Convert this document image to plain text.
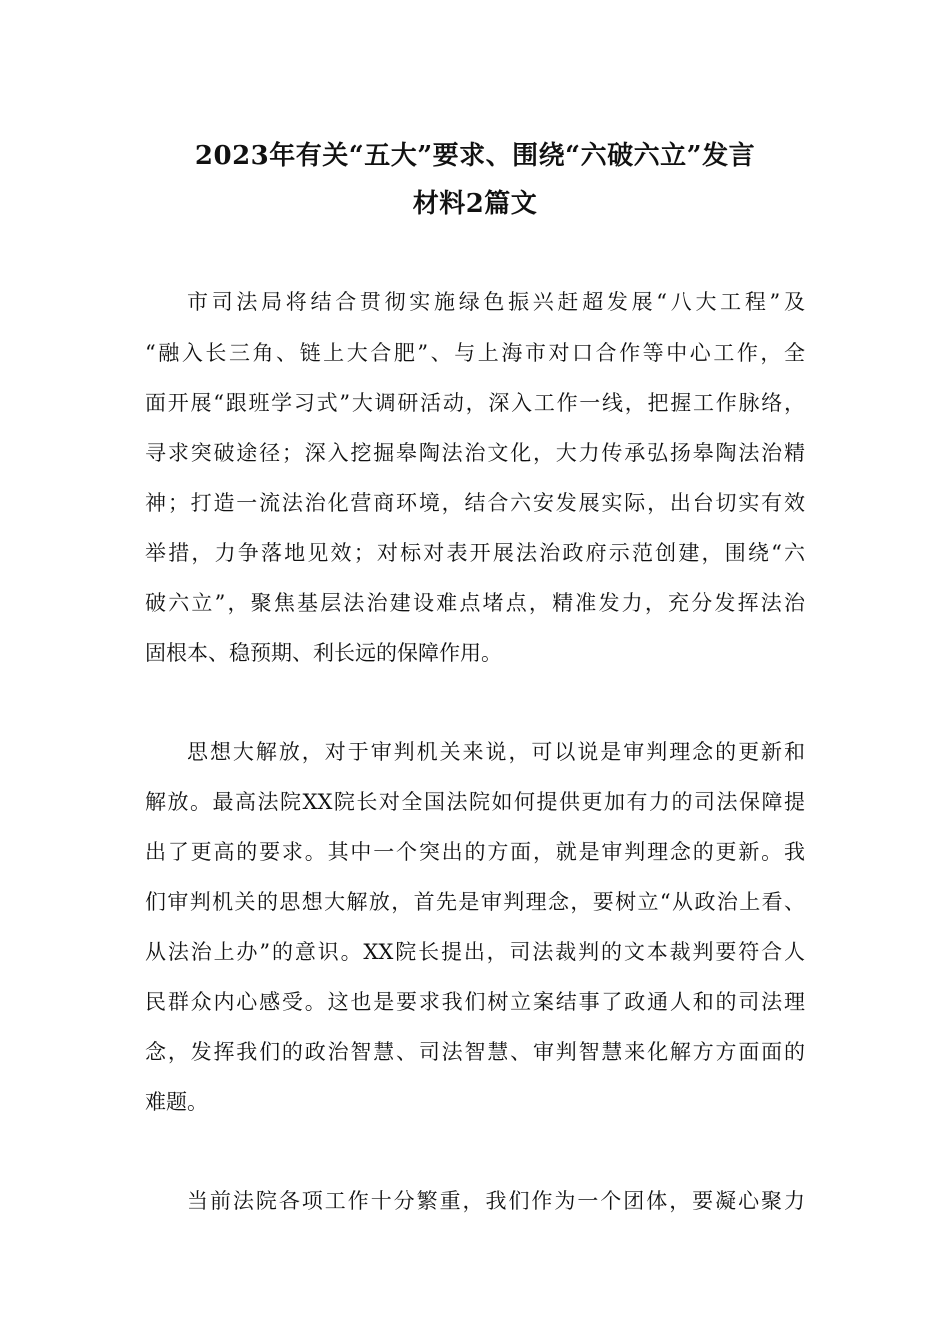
2023年有关“五大”要求、围绕“六破六立”发言
材料2篇文
市司法局将结合贯彻实施绿色振兴赶超发展“八大工程”及
“融入长三角、链上大合肥”、与上海市对口合作等中心工作，全
面开展“跟班学习式”大调研活动，深入工作一线，把握工作脉络，
寻求突破途径；深入挖掘皋陶法治文化，大力传承弘扬皋陶法治精
神；打造一流法治化营商环境，结合六安发展实际，出台切实有效
举措，力争落地见效；对标对表开展法治政府示范创建，围绕“六
破六立”，聚焦基层法治建设难点堵点，精准发力，充分发挥法治
固根本、稳预期、利长远的保障作用。
思想大解放，对于审判机关来说，可以说是审判理念的更新和
解放。最高法院XX院长对全国法院如何提供更加有力的司法保障提
出了更高的要求。其中一个突出的方面，就是审判理念的更新。我
们审判机关的思想大解放，首先是审判理念，要树立“从政治上看、
从法治上办”的意识。XX院长提出，司法裁判的文本裁判要符合人
民群众内心感受。这也是要求我们树立案结事了政通人和的司法理
念，发挥我们的政治智慧、司法智慧、审判智慧来化解方方面面的
难题。
当前法院各项工作十分繁重，我们作为一个团体，要凝心聚力
